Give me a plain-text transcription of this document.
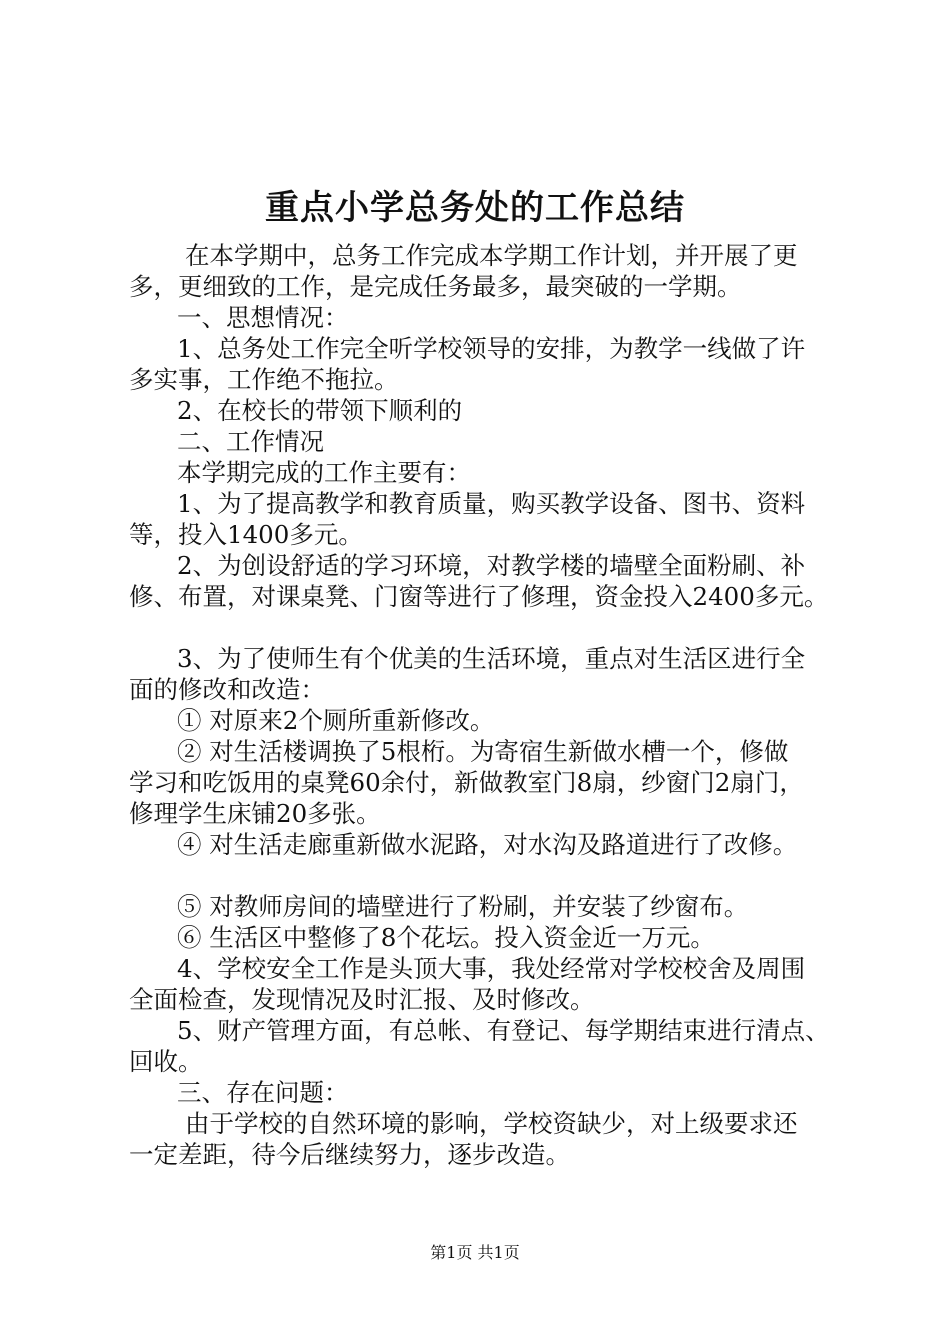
重点小学总务处的工作总结
在本学期中，总务工作完成本学期工作计划，并开展了更
多，更细致的工作，是完成任务最多，最突破的一学期。
一、思想情况：
1、总务处工作完全听学校领导的安排，为教学一线做了许
多实事，工作绝不拖拉。
2、在校长的带领下顺利的
二、工作情况
本学期完成的工作主要有：
1、为了提高教学和教育质量，购买教学设备、图书、资料
等，投入1400多元。
2、为创设舒适的学习环境，对教学楼的墙壁全面粉刷、补
修、布置，对课桌凳、门窗等进行了修理，资金投入2400多元。
3、为了使师生有个优美的生活环境，重点对生活区进行全
面的修改和改造：
① 对原来2个厕所重新修改。
② 对生活楼调换了5根桁。为寄宿生新做水槽一个，修做
学习和吃饭用的桌凳60余付，新做教室门8扇，纱窗门2扇门，
修理学生床铺20多张。
④ 对生活走廊重新做水泥路，对水沟及路道进行了改修。
⑤ 对教师房间的墙壁进行了粉刷，并安装了纱窗布。
⑥ 生活区中整修了8个花坛。投入资金近一万元。
4、学校安全工作是头顶大事，我处经常对学校校舍及周围
全面检查，发现情况及时汇报、及时修改。
5、财产管理方面，有总帐、有登记、每学期结束进行清点、
回收。
三、存在问题：
由于学校的自然环境的影响，学校资缺少，对上级要求还
一定差距，待今后继续努力，逐步改造。
第1页 共1页
